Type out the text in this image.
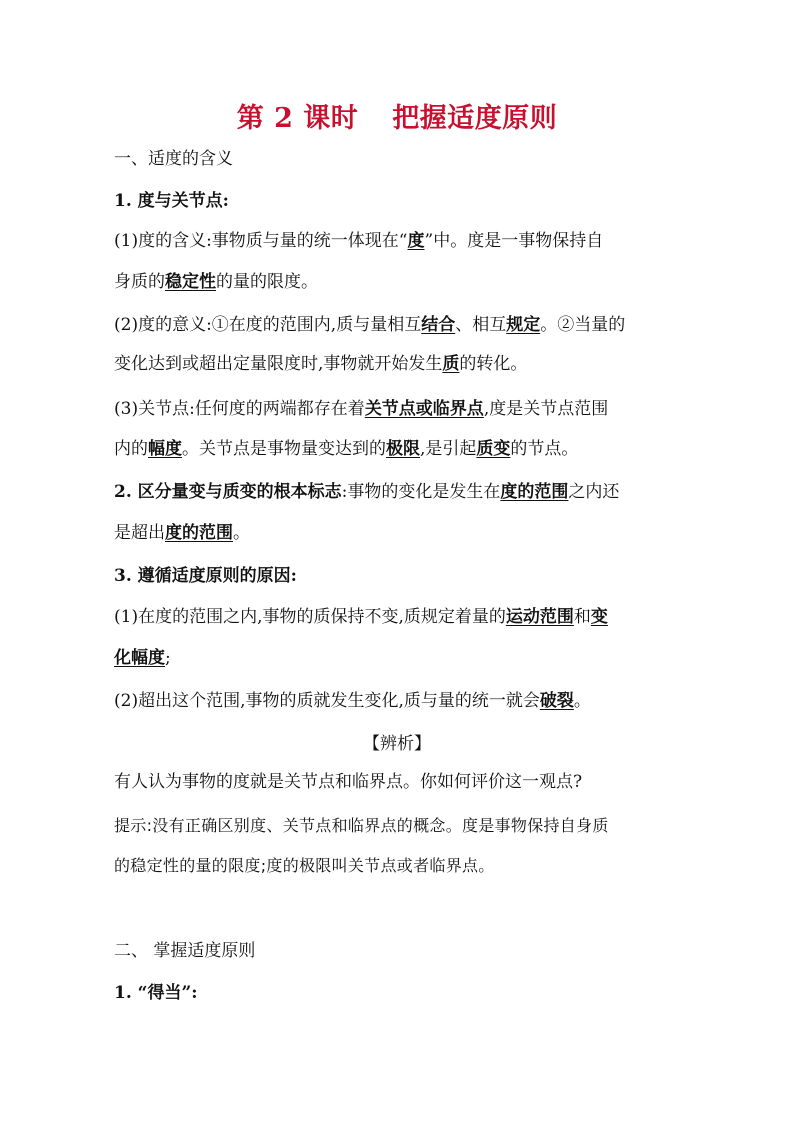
第 2 课时 把握适度原则
一、适度的含义
1. 度与关节点:
(1)度的含义:事物质与量的统一体现在“度”中。度是一事物保持自
身质的稳定性的量的限度。
(2)度的意义:①在度的范围内,质与量相互结合、相互规定。②当量的
变化达到或超出定量限度时,事物就开始发生质的转化。
(3)关节点:任何度的两端都存在着关节点或临界点,度是关节点范围
内的幅度。关节点是事物量变达到的极限,是引起质变的节点。
2. 区分量变与质变的根本标志:事物的变化是发生在度的范围之内还
是超出度的范围。
3. 遵循适度原则的原因:
(1)在度的范围之内,事物的质保持不变,质规定着量的运动范围和变
化幅度;
(2)超出这个范围,事物的质就发生变化,质与量的统一就会破裂。
【辨析】
有人认为事物的度就是关节点和临界点。你如何评价这一观点?
提示:没有正确区别度、关节点和临界点的概念。度是事物保持自身质
的稳定性的量的限度;度的极限叫关节点或者临界点。
二、 掌握适度原则
1. “得当”:
